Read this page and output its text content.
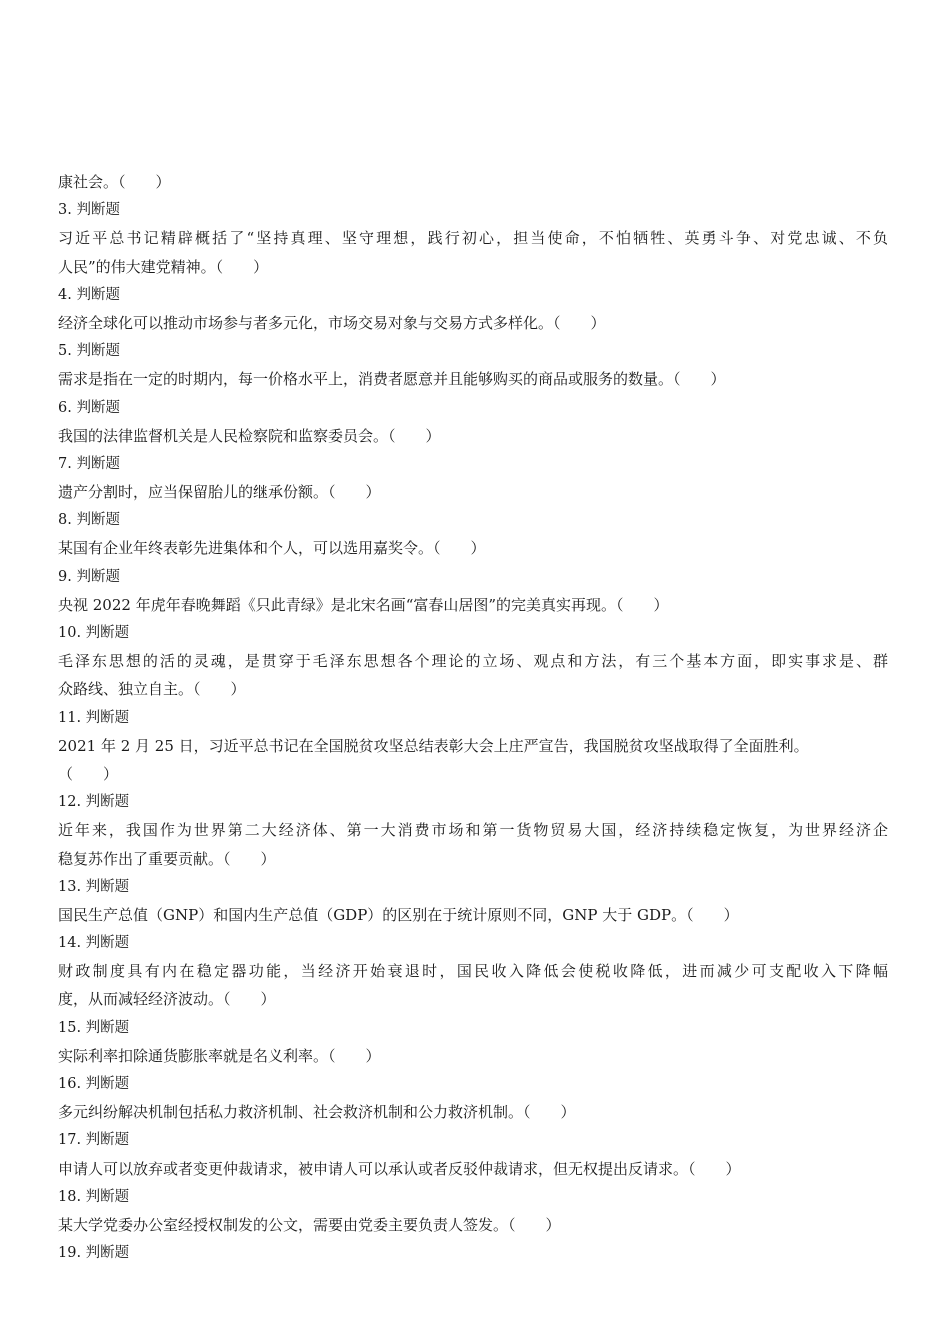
康社会。（　　）
3. 判断题
习近平总书记精辟概括了“坚持真理、坚守理想，践行初心，担当使命，不怕牺牲、英勇斗争、对党忠诚、不负
人民”的伟大建党精神。（　　）
4. 判断题
经济全球化可以推动市场参与者多元化，市场交易对象与交易方式多样化。（　　）
5. 判断题
需求是指在一定的时期内，每一价格水平上，消费者愿意并且能够购买的商品或服务的数量。（　　）
6. 判断题
我国的法律监督机关是人民检察院和监察委员会。（　　）
7. 判断题
遗产分割时，应当保留胎儿的继承份额。（　　）
8. 判断题
某国有企业年终表彰先进集体和个人，可以选用嘉奖令。（　　）
9. 判断题
央视 2022 年虎年春晚舞蹈《只此青绿》是北宋名画“富春山居图”的完美真实再现。（　　）
10. 判断题
毛泽东思想的活的灵魂，是贯穿于毛泽东思想各个理论的立场、观点和方法，有三个基本方面，即实事求是、群
众路线、独立自主。（　　）
11. 判断题
2021 年 2 月 25 日，习近平总书记在全国脱贫攻坚总结表彰大会上庄严宣告，我国脱贫攻坚战取得了全面胜利。
（　　）
12. 判断题
近年来，我国作为世界第二大经济体、第一大消费市场和第一货物贸易大国，经济持续稳定恢复，为世界经济企
稳复苏作出了重要贡献。（　　）
13. 判断题
国民生产总值（GNP）和国内生产总值（GDP）的区别在于统计原则不同，GNP 大于 GDP。（　　）
14. 判断题
财政制度具有内在稳定器功能，当经济开始衰退时，国民收入降低会使税收降低，进而减少可支配收入下降幅
度，从而减轻经济波动。（　　）
15. 判断题
实际利率扣除通货膨胀率就是名义利率。（　　）
16. 判断题
多元纠纷解决机制包括私力救济机制、社会救济机制和公力救济机制。（　　）
17. 判断题
申请人可以放弃或者变更仲裁请求，被申请人可以承认或者反驳仲裁请求，但无权提出反请求。（　　）
18. 判断题
某大学党委办公室经授权制发的公文，需要由党委主要负责人签发。（　　）
19. 判断题
